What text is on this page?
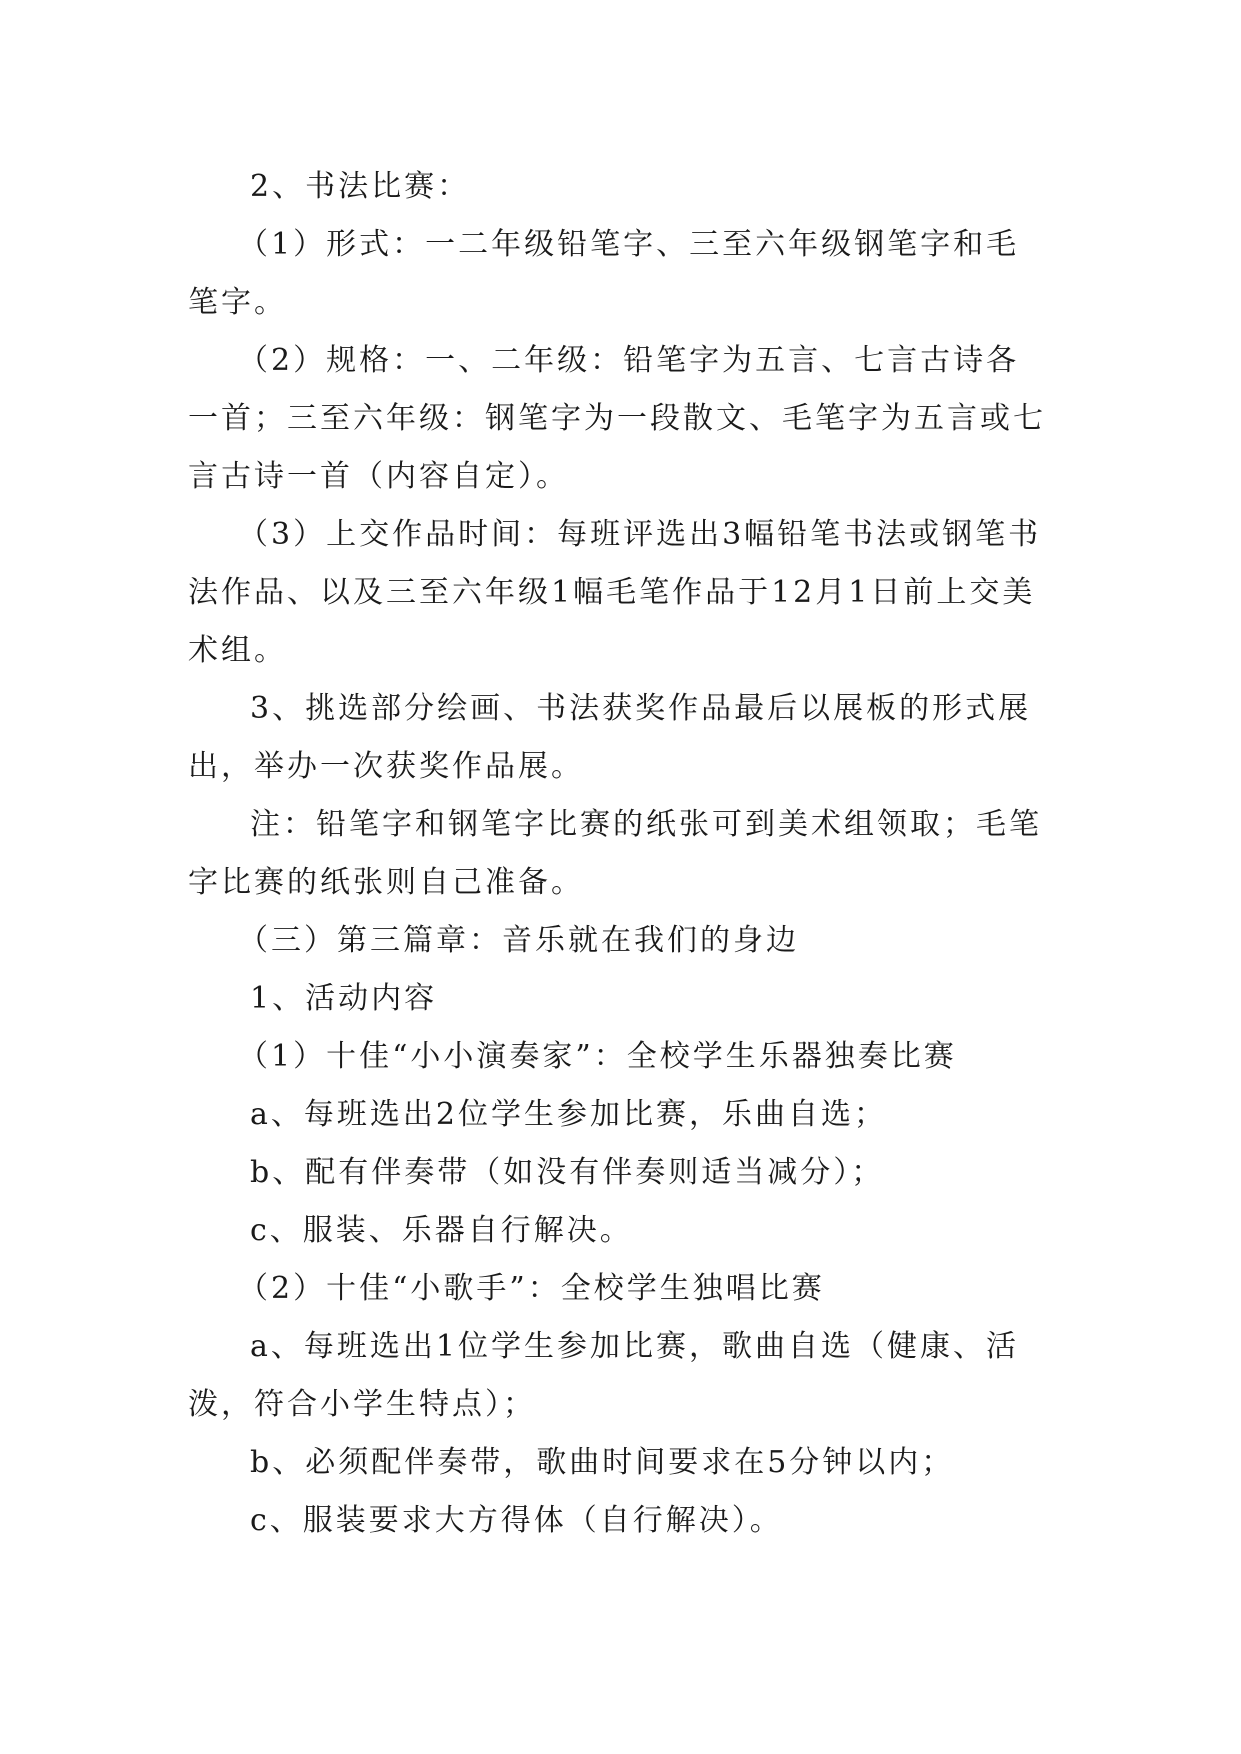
2、书法比赛：

（1）形式：一二年级铅笔字、三至六年级钢笔字和毛笔字。

（2）规格：一、二年级：铅笔字为五言、七言古诗各一首；三至六年级：钢笔字为一段散文、毛笔字为五言或七言古诗一首（内容自定）。

（3）上交作品时间：每班评选出3幅铅笔书法或钢笔书法作品、以及三至六年级1幅毛笔作品于12月1日前上交美术组。

3、挑选部分绘画、书法获奖作品最后以展板的形式展出，举办一次获奖作品展。

注：铅笔字和钢笔字比赛的纸张可到美术组领取；毛笔字比赛的纸张则自己准备。

（三）第三篇章：音乐就在我们的身边

1、活动内容

（1）十佳“小小演奏家”：全校学生乐器独奏比赛

a、每班选出2位学生参加比赛，乐曲自选；

b、配有伴奏带（如没有伴奏则适当减分）；

c、服装、乐器自行解决。

（2）十佳“小歌手”：全校学生独唱比赛

a、每班选出1位学生参加比赛，歌曲自选（健康、活泼，符合小学生特点）；

b、必须配伴奏带，歌曲时间要求在5分钟以内；

c、服装要求大方得体（自行解决）。
